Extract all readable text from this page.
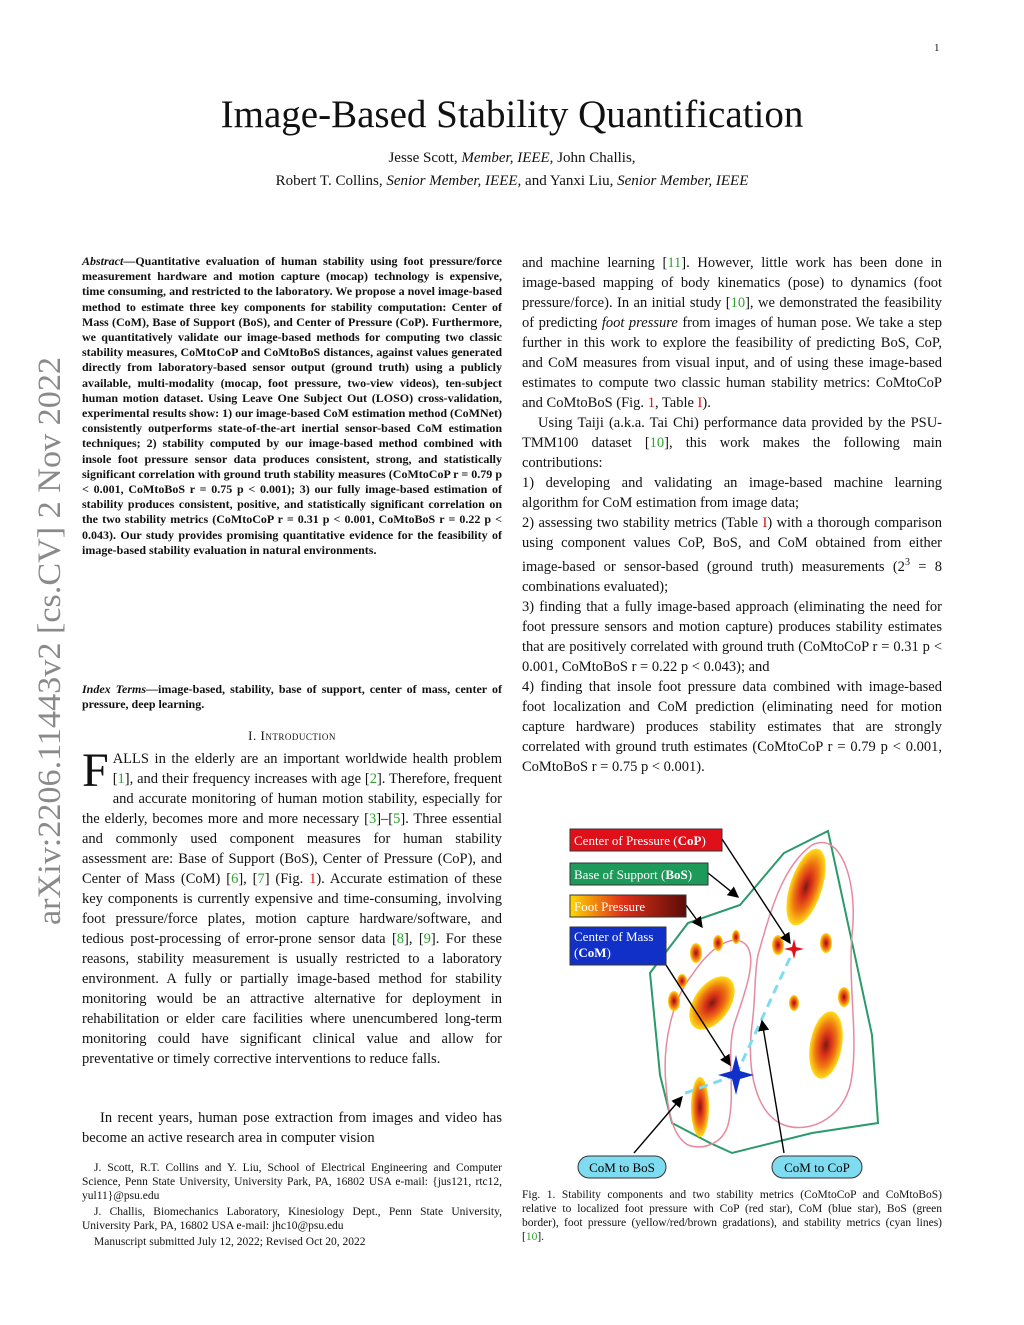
1
Image-Based Stability Quantification
Jesse Scott, Member, IEEE, John Challis,
Robert T. Collins, Senior Member, IEEE, and Yanxi Liu, Senior Member, IEEE
arXiv:2206.11443v2 [cs.CV] 2 Nov 2022

Abstract—Quantitative evaluation of human stability using foot pressure/force measurement hardware and motion capture (mocap) technology is expensive, time consuming, and restricted to the laboratory. We propose a novel image-based method to estimate three key components for stability computation: Center of Mass (CoM), Base of Support (BoS), and Center of Pressure (CoP). Furthermore, we quantitatively validate our image-based methods for computing two classic stability measures, CoMtoCoP and CoMtoBoS distances, against values generated directly from laboratory-based sensor output (ground truth) using a publicly available, multi-modality (mocap, foot pressure, two-view videos), ten-subject human motion dataset. Using Leave One Subject Out (LOSO) cross-validation, experimental results show: 1) our image-based CoM estimation method (CoMNet) consistently outperforms state-of-the-art inertial sensor-based CoM estimation techniques; 2) stability computed by our image-based method combined with insole foot pressure sensor data produces consistent, strong, and statistically significant correlation with ground truth stability measures (CoMtoCoP r = 0.79 p < 0.001, CoMtoBoS r = 0.75 p < 0.001); 3) our fully image-based estimation of stability produces consistent, positive, and statistically significant correlation on the two stability metrics (CoMtoCoP r = 0.31 p < 0.001, CoMtoBoS r = 0.22 p < 0.043). Our study provides promising quantitative evidence for the feasibility of image-based stability evaluation in natural environments.

Index Terms—image-based, stability, base of support, center of mass, center of pressure, deep learning.

I. Introduction

FALLS in the elderly are an important worldwide health problem [1], and their frequency increases with age [2]. Therefore, frequent and accurate monitoring of human motion stability, especially for the elderly, becomes more and more necessary [3]–[5]. Three essential and commonly used component measures for human stability assessment are: Base of Support (BoS), Center of Pressure (CoP), and Center of Mass (CoM) [6], [7] (Fig. 1). Accurate estimation of these key components is currently expensive and time-consuming, involving foot pressure/force plates, motion capture hardware/software, and tedious post-processing of error-prone sensor data [8], [9]. For these reasons, stability measurement is usually restricted to a laboratory environment. A fully or partially image-based method for stability monitoring would be an attractive alternative for deployment in rehabilitation or elder care facilities where unencumbered long-term monitoring could have significant clinical value and allow for preventative or timely corrective interventions to reduce falls.

In recent years, human pose extraction from images and video has become an active research area in computer vision

J. Scott, R.T. Collins and Y. Liu, School of Electrical Engineering and Computer Science, Penn State University, University Park, PA, 16802 USA e-mail: {jus121, rtc12, yul11}@psu.edu

J. Challis, Biomechanics Laboratory, Kinesiology Dept., Penn State University, University Park, PA, 16802 USA e-mail: jhc10@psu.edu

Manuscript submitted July 12, 2022; Revised Oct 20, 2022

and machine learning [11]. However, little work has been done in image-based mapping of body kinematics (pose) to dynamics (foot pressure/force). In an initial study [10], we demonstrated the feasibility of predicting foot pressure from images of human pose. We take a step further in this work to explore the feasibility of predicting BoS, CoP, and CoM measures from visual input, and of using these image-based estimates to compute two classic human stability metrics: CoMtoCoP and CoMtoBoS (Fig. 1, Table I).

Using Taiji (a.k.a. Tai Chi) performance data provided by the PSU-TMM100 dataset [10], this work makes the following main contributions:

1) developing and validating an image-based machine learning algorithm for CoM estimation from image data;

2) assessing two stability metrics (Table I) with a thorough comparison using component values CoP, BoS, and CoM obtained from either image-based or sensor-based (ground truth) measurements ($2^3 = 8$ combinations evaluated);

3) finding that a fully image-based approach (eliminating the need for foot pressure sensors and motion capture) produces stability estimates that are positively correlated with ground truth (CoMtoCoP r = 0.31 p < 0.001, CoMtoBoS r = 0.22 p < 0.043); and

4) finding that insole foot pressure data combined with image-based foot localization and CoM prediction (eliminating need for motion capture hardware) produces stability estimates that are strongly correlated with ground truth estimates (CoMtoCoP r = 0.79 p < 0.001, CoMtoBoS r = 0.75 p < 0.001).

Center of Pressure (CoP)
Base of Support (BoS)
Foot Pressure
Center of Mass
(CoM)
CoM to BoS	CoM to CoP
Fig. 1. Stability components and two stability metrics (CoMtoCoP and CoMtoBoS) relative to localized foot pressure with CoP (red star), CoM (blue star), BoS (green border), foot pressure (yellow/red/brown gradations), and stability metrics (cyan lines) [10].
